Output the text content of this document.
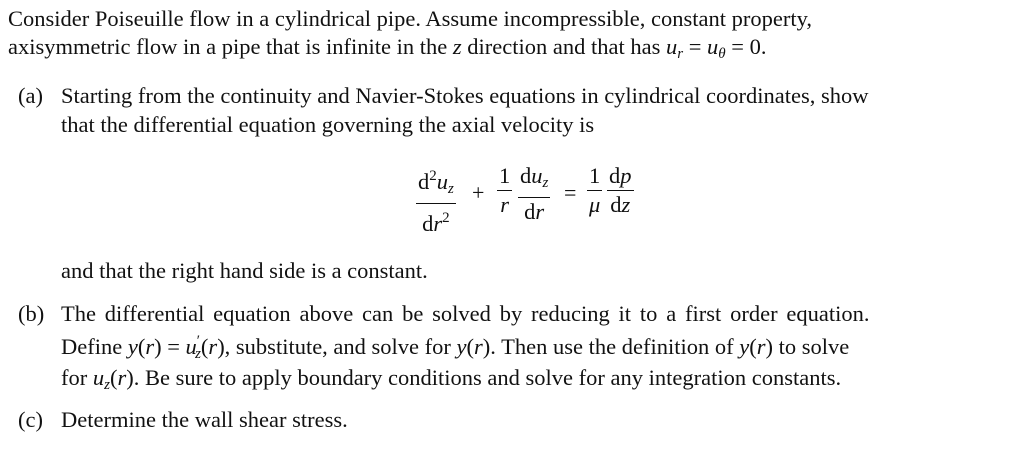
Consider Poiseuille flow in a cylindrical pipe. Assume incompressible, constant property,
axisymmetric flow in a pipe that is infinite in the z direction and that has $u_r = u_\theta = 0$.
(a) Starting from the continuity and Navier-Stokes equations in cylindrical coordinates, show
that the differential equation governing the axial velocity is
$\frac{d^2u_z}{dr^2} + \frac{1}{r} du_z$
dr
= $\frac{1}{\mu} \frac{dp}{dz}$
and that the right hand side is a constant.
(b) The differential equation above can be solved by reducing it to a first order equation.
Define $y(r) = u'_z(r)$, substitute, and solve for y(r). Then use the definition of y(r) to solve
for $u_z(r)$. Be sure to apply boundary conditions and solve for any integration constants.
(c) Determine the wall shear stress.
